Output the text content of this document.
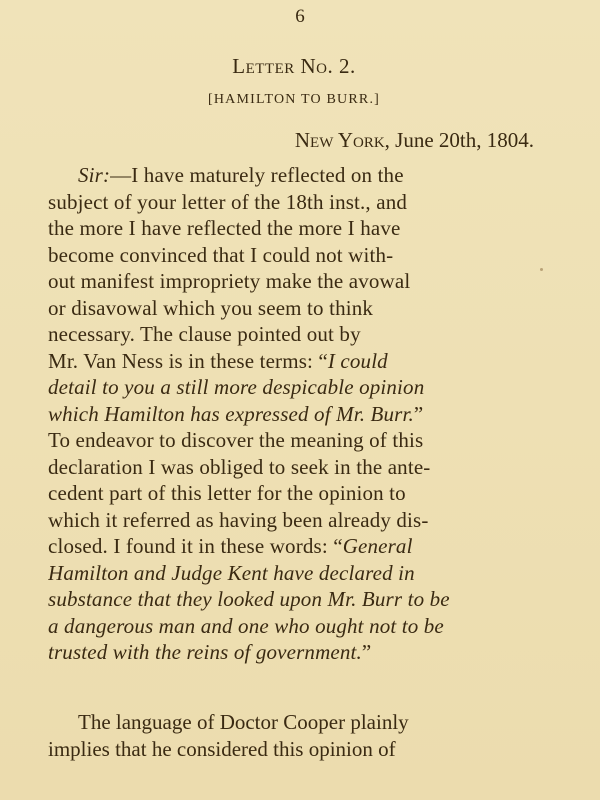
6
Letter No. 2.
[HAMILTON TO BURR.]
New York, June 20th, 1804.
Sir:—I have maturely reflected on the
subject of your letter of the 18th inst., and
the more I have reflected the more I have
become convinced that I could not with-
out manifest impropriety make the avowal
or disavowal which you seem to think
necessary. The clause pointed out by
Mr. Van Ness is in these terms: “I could
detail to you a still more despicable opinion
which Hamilton has expressed of Mr. Burr.”
To endeavor to discover the meaning of this
declaration I was obliged to seek in the ante-
cedent part of this letter for the opinion to
which it referred as having been already dis-
closed. I found it in these words: “General
Hamilton and Judge Kent have declared in
substance that they looked upon Mr. Burr to be
a dangerous man and one who ought not to be
trusted with the reins of government.”
The language of Doctor Cooper plainly
implies that he considered this opinion of
